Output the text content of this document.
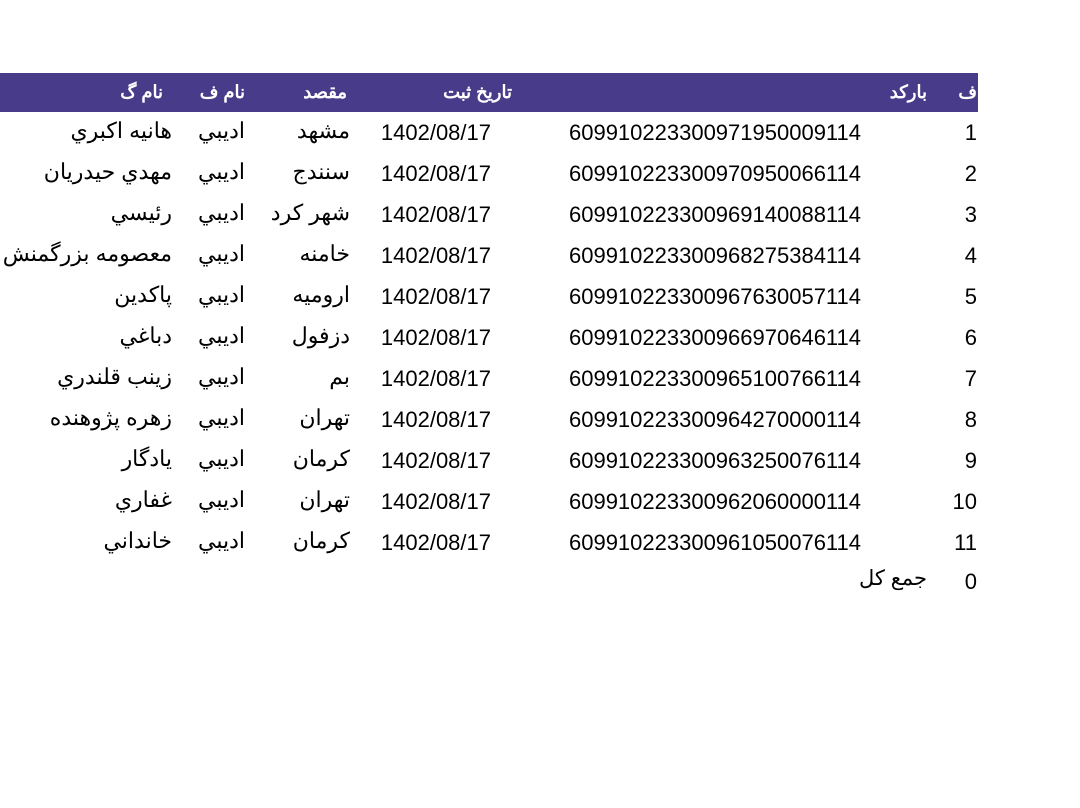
ف
بارکد
تاریخ ثبت
مقصد
نام ف
نام گ
1
609910223300971950009114
1402/08/17
مشهد
اديبي
هانيه اكبري
2
609910223300970950066114
1402/08/17
سنندج
اديبي
مهدي حيدريان
3
609910223300969140088114
1402/08/17
شهر کرد
اديبي
رئيسي
4
609910223300968275384114
1402/08/17
خامنه
اديبي
معصومه بزرگمنش
5
609910223300967630057114
1402/08/17
اروميه
اديبي
پاكدين
6
609910223300966970646114
1402/08/17
دزفول
اديبي
دباغي
7
609910223300965100766114
1402/08/17
بم
اديبي
زينب قلندري
8
609910223300964270000114
1402/08/17
تهران
اديبي
زهره پژوهنده
9
609910223300963250076114
1402/08/17
كرمان
اديبي
يادگار
10
609910223300962060000114
1402/08/17
تهران
اديبي
غفاري
11
609910223300961050076114
1402/08/17
كرمان
اديبي
خانداني
0
جمع کل
